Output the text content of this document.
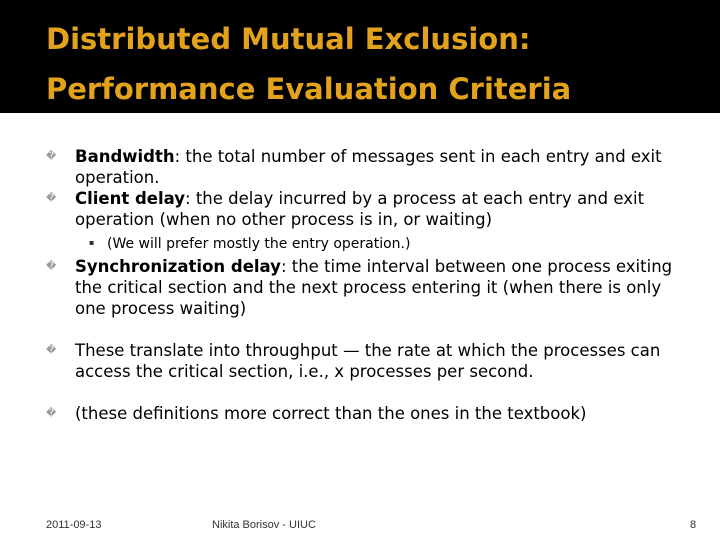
Distributed Mutual Exclusion:
Performance Evaluation Criteria
� Bandwidth: the total number of messages sent in each entry and exit operation.
� Client delay: the delay incurred by a process at each entry and exit operation (when no other process is in, or waiting)
▪ (We will prefer mostly the entry operation.)
� Synchronization delay: the time interval between one process exiting the critical section and the next process entering it (when there is only one process waiting)
� These translate into throughput — the rate at which the processes can access the critical section, i.e., x processes per second.
� (these definitions more correct than the ones in the textbook)
2011-09-13	Nikita Borisov - UIUC	8
